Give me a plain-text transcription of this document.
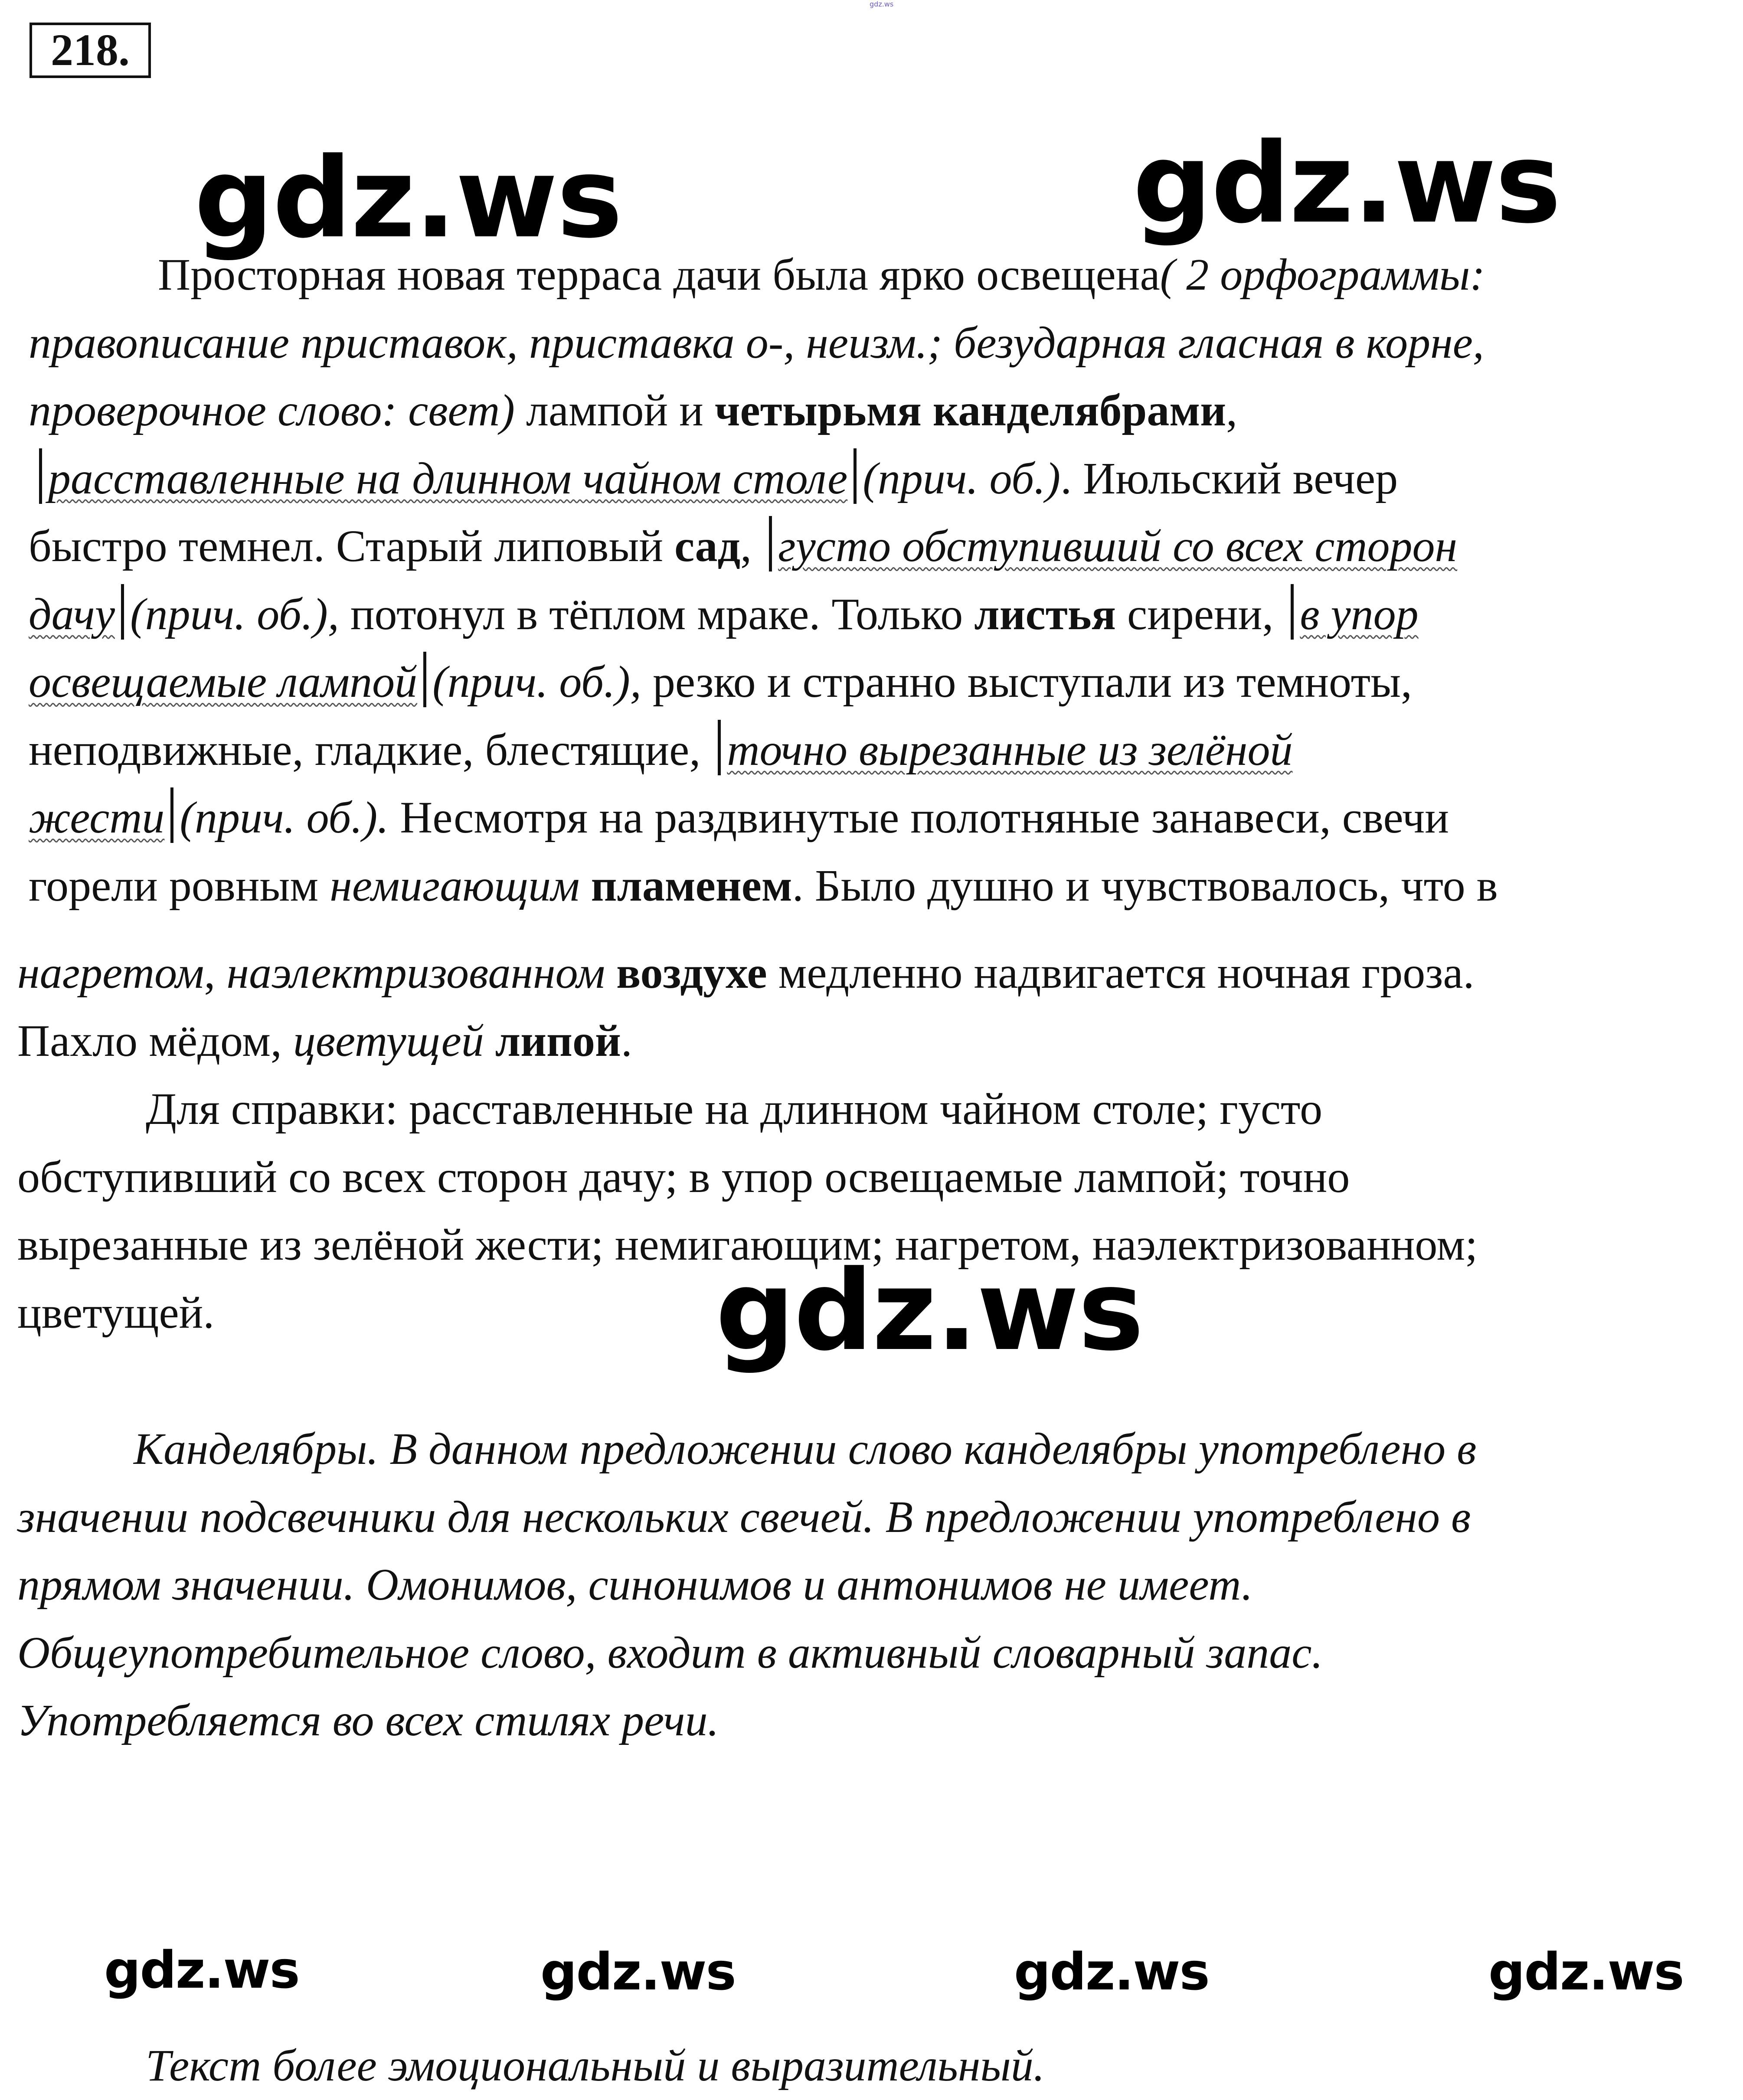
gdz.ws
218.
gdz.ws	gdz.ws
gdz.ws
gdz.ws	gdz.ws	gdz.ws	gdz.ws
Просторная новая терраса дачи была ярко освещена( 2 орфограммы:
правописание приставок, приставка о-, неизм.; безударная гласная в корне,
проверочное слово: свет) лампой и четырьмя канделябрами,
расставленные на длинном чайном столе (прич. об.). Июльский вечер
быстро темнел. Старый липовый сад, густо обступивший со всех сторон
дачу (прич. об.), потонул в тёплом мраке. Только листья сирени, в упор
освещаемые лампой (прич. об.), резко и странно выступали из темноты,
неподвижные, гладкие, блестящие, точно вырезанные из зелёной
жести (прич. об.). Несмотря на раздвинутые полотняные занавеси, свечи
горели ровным немигающим пламенем. Было душно и чувствовалось, что в
нагретом, наэлектризованном воздухе медленно надвигается ночная гроза.
Пахло мёдом, цветущей липой.
Для справки: расставленные на длинном чайном столе; густо
обступивший со всех сторон дачу; в упор освещаемые лампой; точно
вырезанные из зелёной жести; немигающим; нагретом, наэлектризованном;
цветущей.
Канделябры. В данном предложении слово канделябры употреблено в
значении подсвечники для нескольких свечей. В предложении употреблено в
прямом значении. Омонимов, синонимов и антонимов не имеет.
Общеупотребительное слово, входит в активный словарный запас.
Употребляется во всех стилях речи.
Текст более эмоциональный и выразительный.
